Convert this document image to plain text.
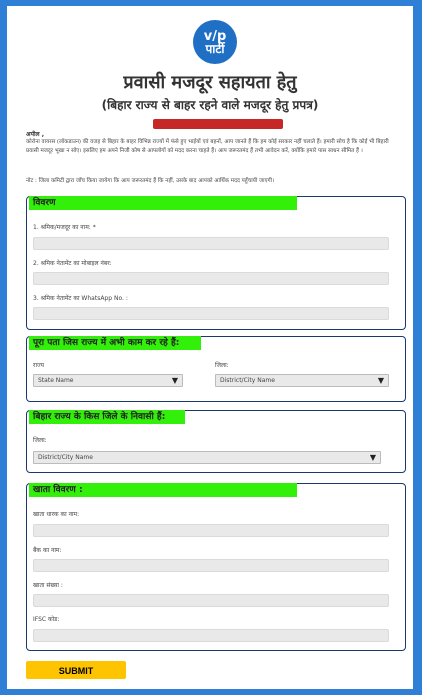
v/p
पार्टी
प्रवासी मजदूर सहायता हेतु
(बिहार राज्य से बाहर रहने वाले मजदूर हेतु प्रपत्र)
अपील ,
कोरोना वायरस (लॉकडाउन) की वजह से बिहार के बाहर विभिन्न राज्यों में फंसे हुए भाईयों एवं बहनों, आप जानते हैं कि हम कोई सरकार नहीं चलाते हैं। हमारी सोच है कि कोई भी बिहारी प्रवासी मजदूर भूखा न सोए। इसलिए हम अपने निजी कोष से आपलोगों को मदद करना चाहते हैं। आप जरूरतमंद हैं तभी आवेदन करें, क्योंकि हमारे पास साधन सीमित हैं ।
नोट : जिला कमिटी द्वारा जाँच किया जायेगा कि आप जरूरतमंद हैं कि नहीं, उसके बाद आपको आर्थिक मदद पहुँचायी जाएगी।
विवरण
1. श्रमिक/मजदूर का नाम: *
2. श्रमिक नेतामेंट का मोबाइल नंबर:
3. श्रमिक नेतामेंट का WhatsApp No. :
पूरा पता जिस राज्य में अभी काम कर रहे हैं:
राज्य
State Name	▼
जिला:
District/City Name	▼
बिहार राज्य के किस जिले के निवासी हैं:
जिला:
District/City Name	▼
खाता विवरण :
खाता धारक का नाम:
बैंक का नाम:
खाता संख्या :
IFSC कोड:
SUBMIT
